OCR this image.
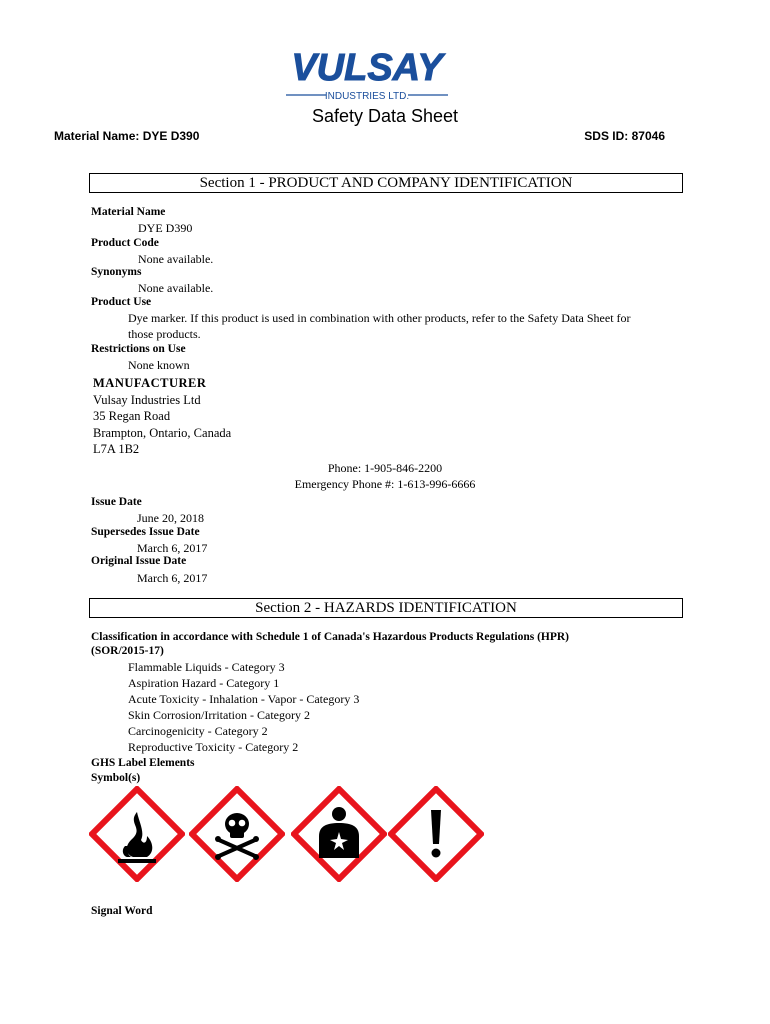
VULSAY
INDUSTRIES LTD.
Safety Data Sheet
Material Name: DYE D390	SDS ID: 87046
Section 1 - PRODUCT AND COMPANY IDENTIFICATION
Material Name
DYE D390
Product Code
None available.
Synonyms
None available.
Product Use
Dye marker. If this product is used in combination with other products, refer to the Safety Data Sheet for
those products.
Restrictions on Use
None known
MANUFACTURER
Vulsay Industries Ltd
35 Regan Road
Brampton, Ontario, Canada
L7A 1B2
Phone: 1-905-846-2200
Emergency Phone #: 1-613-996-6666
Issue Date
June 20, 2018
Supersedes Issue Date
March 6, 2017
Original Issue Date
March 6, 2017
Section 2 - HAZARDS IDENTIFICATION
Classification in accordance with Schedule 1 of Canada's Hazardous Products Regulations (HPR)
(SOR/2015-17)
Flammable Liquids - Category 3
Aspiration Hazard - Category 1
Acute Toxicity - Inhalation - Vapor - Category 3
Skin Corrosion/Irritation - Category 2
Carcinogenicity - Category 2
Reproductive Toxicity - Category 2
GHS Label Elements
Symbol(s)
Signal Word
